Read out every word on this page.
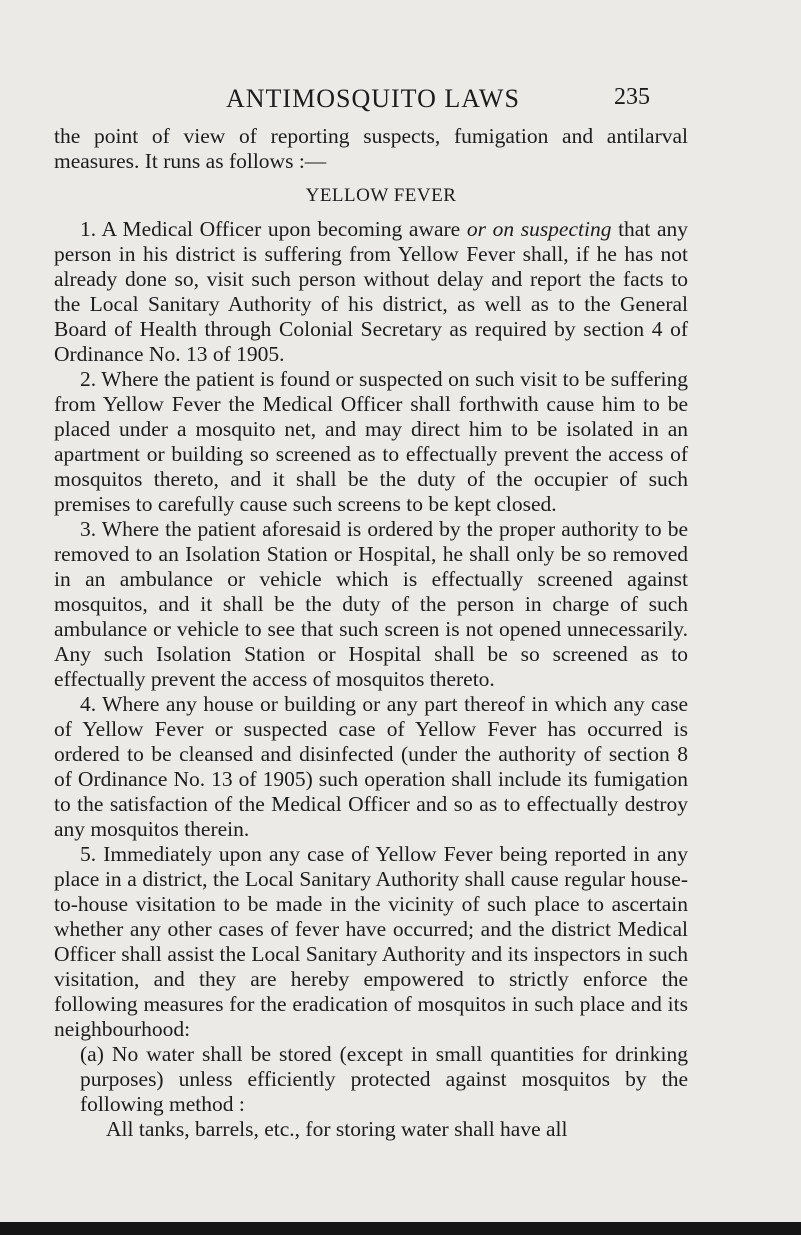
ANTIMOSQUITO LAWS	235

the point of view of reporting suspects, fumigation and antilarval measures. It runs as follows :—

YELLOW FEVER

1. A Medical Officer upon becoming aware or on suspecting that any person in his district is suffering from Yellow Fever shall, if he has not already done so, visit such person without delay and report the facts to the Local Sanitary Authority of his district, as well as to the General Board of Health through Colonial Secretary as required by section 4 of Ordinance No. 13 of 1905.

2. Where the patient is found or suspected on such visit to be suffering from Yellow Fever the Medical Officer shall forthwith cause him to be placed under a mosquito net, and may direct him to be isolated in an apartment or building so screened as to effectually prevent the access of mosquitos thereto, and it shall be the duty of the occupier of such premises to carefully cause such screens to be kept closed.

3. Where the patient aforesaid is ordered by the proper authority to be removed to an Isolation Station or Hospital, he shall only be so removed in an ambulance or vehicle which is effectually screened against mosquitos, and it shall be the duty of the person in charge of such ambulance or vehicle to see that such screen is not opened unnecessarily. Any such Isolation Station or Hospital shall be so screened as to effectually prevent the access of mosquitos thereto.

4. Where any house or building or any part thereof in which any case of Yellow Fever or suspected case of Yellow Fever has occurred is ordered to be cleansed and disinfected (under the authority of section 8 of Ordinance No. 13 of 1905) such operation shall include its fumigation to the satisfaction of the Medical Officer and so as to effectually destroy any mosquitos therein.

5. Immediately upon any case of Yellow Fever being reported in any place in a district, the Local Sanitary Authority shall cause regular house-to-house visitation to be made in the vicinity of such place to ascertain whether any other cases of fever have occurred; and the district Medical Officer shall assist the Local Sanitary Authority and its inspectors in such visitation, and they are hereby empowered to strictly enforce the following measures for the eradication of mosquitos in such place and its neighbourhood:

(a) No water shall be stored (except in small quantities for drinking purposes) unless efficiently protected against mosquitos by the following method :

All tanks, barrels, etc., for storing water shall have all
